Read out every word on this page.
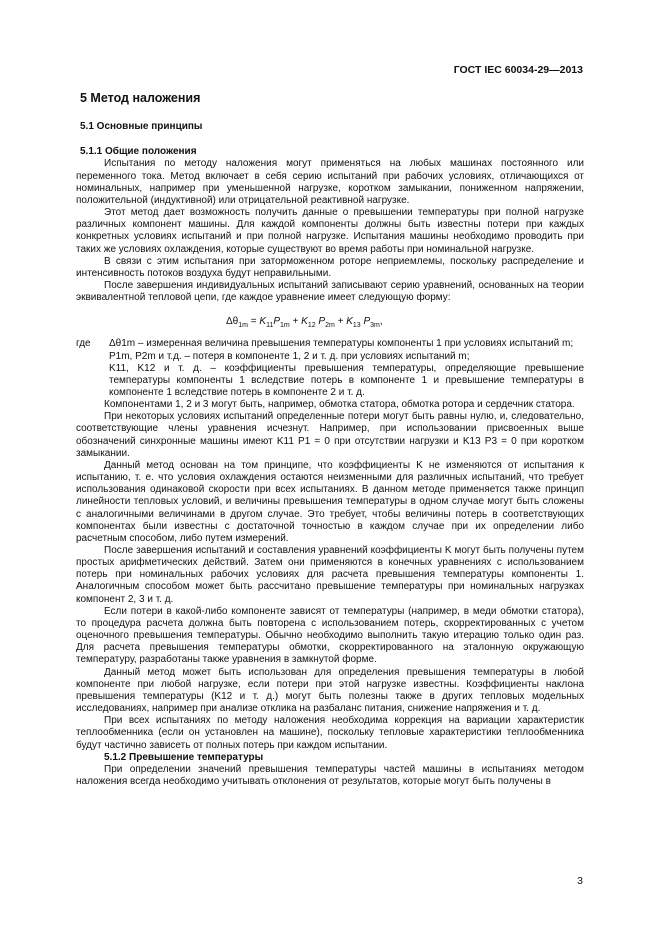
ГОСТ IEC 60034-29—2013
5 Метод наложения
5.1 Основные принципы
5.1.1 Общие положения

Испытания по методу наложения могут применяться на любых машинах постоянного или переменного тока. Метод включает в себя серию испытаний при рабочих условиях, отличающихся от номинальных, например при уменьшенной нагрузке, коротком замыкании, пониженном напряжении, положительной (индуктивной) или отрицательной реактивной нагрузке.

Этот метод дает возможность получить данные о превышении температуры при полной нагрузке различных компонент машины. Для каждой компоненты должны быть известны потери при каждых конкретных условиях испытаний и при полной нагрузке. Испытания машины необходимо проводить при таких же условиях охлаждения, которые существуют во время работы при номинальной нагрузке.

В связи с этим испытания при заторможенном роторе неприемлемы, поскольку распределение и интенсивность потоков воздуха будут неправильными.

После завершения индивидуальных испытаний записывают серию уравнений, основанных на теории эквивалентной тепловой цепи, где каждое уравнение имеет следующую форму:

$\Delta\theta_{1m} = K_{11}P_{1m} + K_{12}$ $P_{2m} + K_{13}$ $P_{3m}$,
где	Δθ1m – измеренная величина превышения температуры компоненты 1 при условиях испытаний m;

P1m, P2m и т.д. – потеря в компоненте 1, 2 и т. д. при условиях испытаний m;

K11, K12 и т. д. – коэффициенты превышения температуры, определяющие превышение температуры компоненты 1 вследствие потерь в компоненте 1 и превышение температуры в компоненте 1 вследствие потерь в компоненте 2 и т. д.

Компонентами 1, 2 и 3 могут быть, например, обмотка статора, обмотка ротора и сердечник статора.

При некоторых условиях испытаний определенные потери могут быть равны нулю, и, следовательно, соответствующие члены уравнения исчезнут. Например, при использовании присвоенных выше обозначений синхронные машины имеют K11 P1 = 0 при отсутствии нагрузки и K13 P3 = 0 при коротком замыкании.

Данный метод основан на том принципе, что коэффициенты K не изменяются от испытания к испытанию, т. е. что условия охлаждения остаются неизменными для различных испытаний, что требует использования одинаковой скорости при всех испытаниях. В данном методе применяется также принцип линейности тепловых условий, и величины превышения температуры в одном случае могут быть сложены с аналогичными величинами в другом случае. Это требует, чтобы величины потерь в соответствующих компонентах были известны с достаточной точностью в каждом случае при их определении либо расчетным способом, либо путем измерений.

После завершения испытаний и составления уравнений коэффициенты K могут быть получены путем простых арифметических действий. Затем они применяются в конечных уравнениях с использованием потерь при номинальных рабочих условиях для расчета превышения температуры компоненты 1. Аналогичным способом может быть рассчитано превышение температуры при номинальных нагрузках компонент 2, 3 и т. д.

Если потери в какой-либо компоненте зависят от температуры (например, в меди обмотки статора), то процедура расчета должна быть повторена с использованием потерь, скорректированных с учетом оценочного превышения температуры. Обычно необходимо выполнить такую итерацию только один раз. Для расчета превышения температуры обмотки, скорректированного на эталонную окружающую температуру, разработаны также уравнения в замкнутой форме.

Данный метод может быть использован для определения превышения температуры в любой компоненте при любой нагрузке, если потери при этой нагрузке известны. Коэффициенты наклона превышения температуры (K12 и т. д.) могут быть полезны также в других тепловых модельных исследованиях, например при анализе отклика на разбаланс питания, снижение напряжения и т. д.

При всех испытаниях по методу наложения необходима коррекция на вариации характеристик теплообменника (если он установлен на машине), поскольку тепловые характеристики теплообменника будут частично зависеть от полных потерь при каждом испытании.

5.1.2 Превышение температуры

При определении значений превышения температуры частей машины в испытаниях методом наложения всегда необходимо учитывать отклонения от результатов, которые могут быть получены в

3
